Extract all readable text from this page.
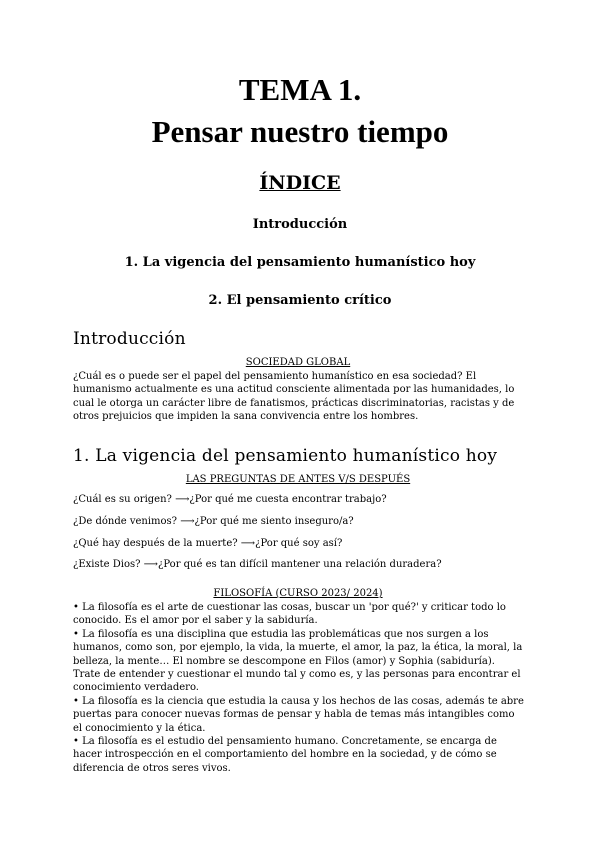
TEMA 1.
Pensar nuestro tiempo
ÍNDICE
Introducción
1. La vigencia del pensamiento humanístico hoy
2. El pensamiento crítico
Introducción
SOCIEDAD GLOBAL

¿Cuál es o puede ser el papel del pensamiento humanístico en esa sociedad? El humanismo actualmente es una actitud consciente alimentada por las humanidades, lo cual le otorga un carácter libre de fanatismos, prácticas discriminatorias, racistas y de otros prejuicios que impiden la sana convivencia entre los hombres.

1. La vigencia del pensamiento humanístico hoy
LAS PREGUNTAS DE ANTES V/S DESPUÉS

¿Cuál es su origen? ⟶¿Por qué me cuesta encontrar trabajo?

¿De dónde venimos? ⟶¿Por qué me siento inseguro/a?

¿Qué hay después de la muerte? ⟶¿Por qué soy así?

¿Existe Dios? ⟶¿Por qué es tan difícil mantener una relación duradera?

FILOSOFÍA (CURSO 2023/ 2024)
• La filosofía es el arte de cuestionar las cosas, buscar un 'por qué?' y criticar todo lo conocido. Es el amor por el saber y la sabiduría.
• La filosofía es una disciplina que estudia las problemáticas que nos surgen a los humanos, como son, por ejemplo, la vida, la muerte, el amor, la paz, la ética, la moral, la belleza, la mente… El nombre se descompone en Filos (amor) y Sophia (sabiduría). Trate de entender y cuestionar el mundo tal y como es, y las personas para encontrar el conocimiento verdadero.
• La filosofía es la ciencia que estudia la causa y los hechos de las cosas, además te abre puertas para conocer nuevas formas de pensar y habla de temas más intangibles como el conocimiento y la ética.
• La filosofía es el estudio del pensamiento humano. Concretamente, se encarga de hacer introspección en el comportamiento del hombre en la sociedad, y de cómo se diferencia de otros seres vivos.
